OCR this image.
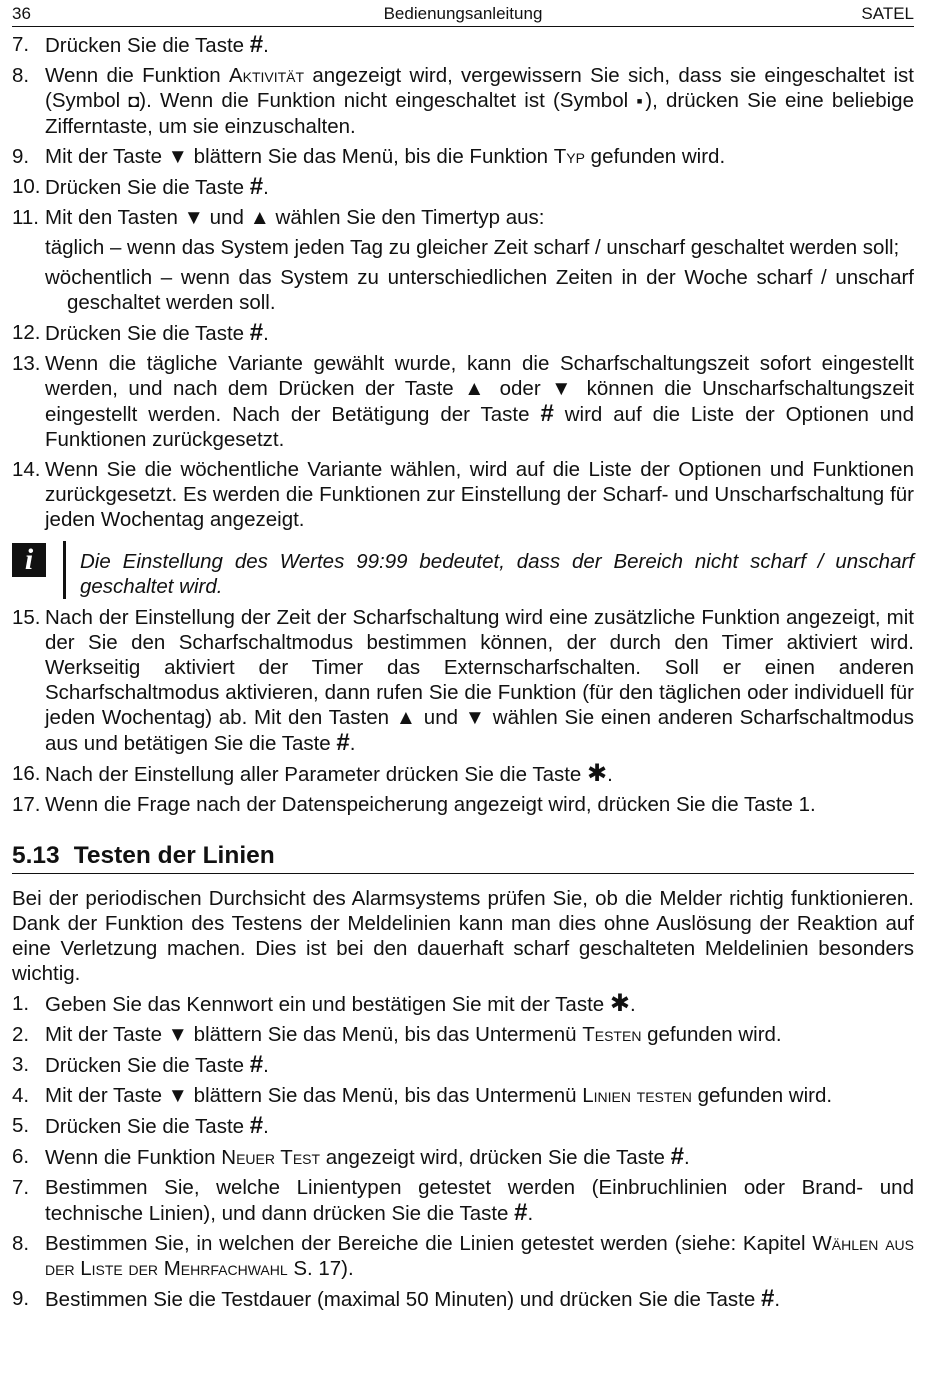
36	Bedienungsanleitung	SATEL
7. Drücken Sie die Taste #.
8. Wenn die Funktion Aktivität angezeigt wird, vergewissern Sie sich, dass sie eingeschaltet ist (Symbol ◘). Wenn die Funktion nicht eingeschaltet ist (Symbol ▪), drücken Sie eine beliebige Zifferntaste, um sie einzuschalten.
9. Mit der Taste ▼ blättern Sie das Menü, bis die Funktion Typ gefunden wird.
10. Drücken Sie die Taste #.
11. Mit den Tasten ▼ und ▲ wählen Sie den Timertyp aus:
täglich – wenn das System jeden Tag zu gleicher Zeit scharf / unscharf geschaltet werden soll;
wöchentlich – wenn das System zu unterschiedlichen Zeiten in der Woche scharf / unscharf geschaltet werden soll.
12. Drücken Sie die Taste #.
13. Wenn die tägliche Variante gewählt wurde, kann die Scharfschaltungszeit sofort eingestellt werden, und nach dem Drücken der Taste ▲ oder ▼ können die Unscharfschaltungszeit eingestellt werden. Nach der Betätigung der Taste # wird auf die Liste der Optionen und Funktionen zurückgesetzt.
14. Wenn Sie die wöchentliche Variante wählen, wird auf die Liste der Optionen und Funktionen zurückgesetzt. Es werden die Funktionen zur Einstellung der Scharf- und Unscharfschaltung für jeden Wochentag angezeigt.
i	Die Einstellung des Wertes 99:99 bedeutet, dass der Bereich nicht scharf / unscharf geschaltet wird.
15. Nach der Einstellung der Zeit der Scharfschaltung wird eine zusätzliche Funktion angezeigt, mit der Sie den Scharfschaltmodus bestimmen können, der durch den Timer aktiviert wird. Werkseitig aktiviert der Timer das Externscharfschalten. Soll er einen anderen Scharfschaltmodus aktivieren, dann rufen Sie die Funktion (für den täglichen oder individuell für jeden Wochentag) ab. Mit den Tasten ▲ und ▼ wählen Sie einen anderen Scharfschaltmodus aus und betätigen Sie die Taste #.
16. Nach der Einstellung aller Parameter drücken Sie die Taste ✱.
17. Wenn die Frage nach der Datenspeicherung angezeigt wird, drücken Sie die Taste 1.
5.13 Testen der Linien
Bei der periodischen Durchsicht des Alarmsystems prüfen Sie, ob die Melder richtig funktionieren. Dank der Funktion des Testens der Meldelinien kann man dies ohne Auslösung der Reaktion auf eine Verletzung machen. Dies ist bei den dauerhaft scharf geschalteten Meldelinien besonders wichtig.
1. Geben Sie das Kennwort ein und bestätigen Sie mit der Taste ✱.
2. Mit der Taste ▼ blättern Sie das Menü, bis das Untermenü Testen gefunden wird.
3. Drücken Sie die Taste #.
4. Mit der Taste ▼ blättern Sie das Menü, bis das Untermenü Linien testen gefunden wird.
5. Drücken Sie die Taste #.
6. Wenn die Funktion Neuer Test angezeigt wird, drücken Sie die Taste #.
7. Bestimmen Sie, welche Linientypen getestet werden (Einbruchlinien oder Brand- und technische Linien), und dann drücken Sie die Taste #.
8. Bestimmen Sie, in welchen der Bereiche die Linien getestet werden (siehe: Kapitel Wählen aus der Liste der Mehrfachwahl S. 17).
9. Bestimmen Sie die Testdauer (maximal 50 Minuten) und drücken Sie die Taste #.
